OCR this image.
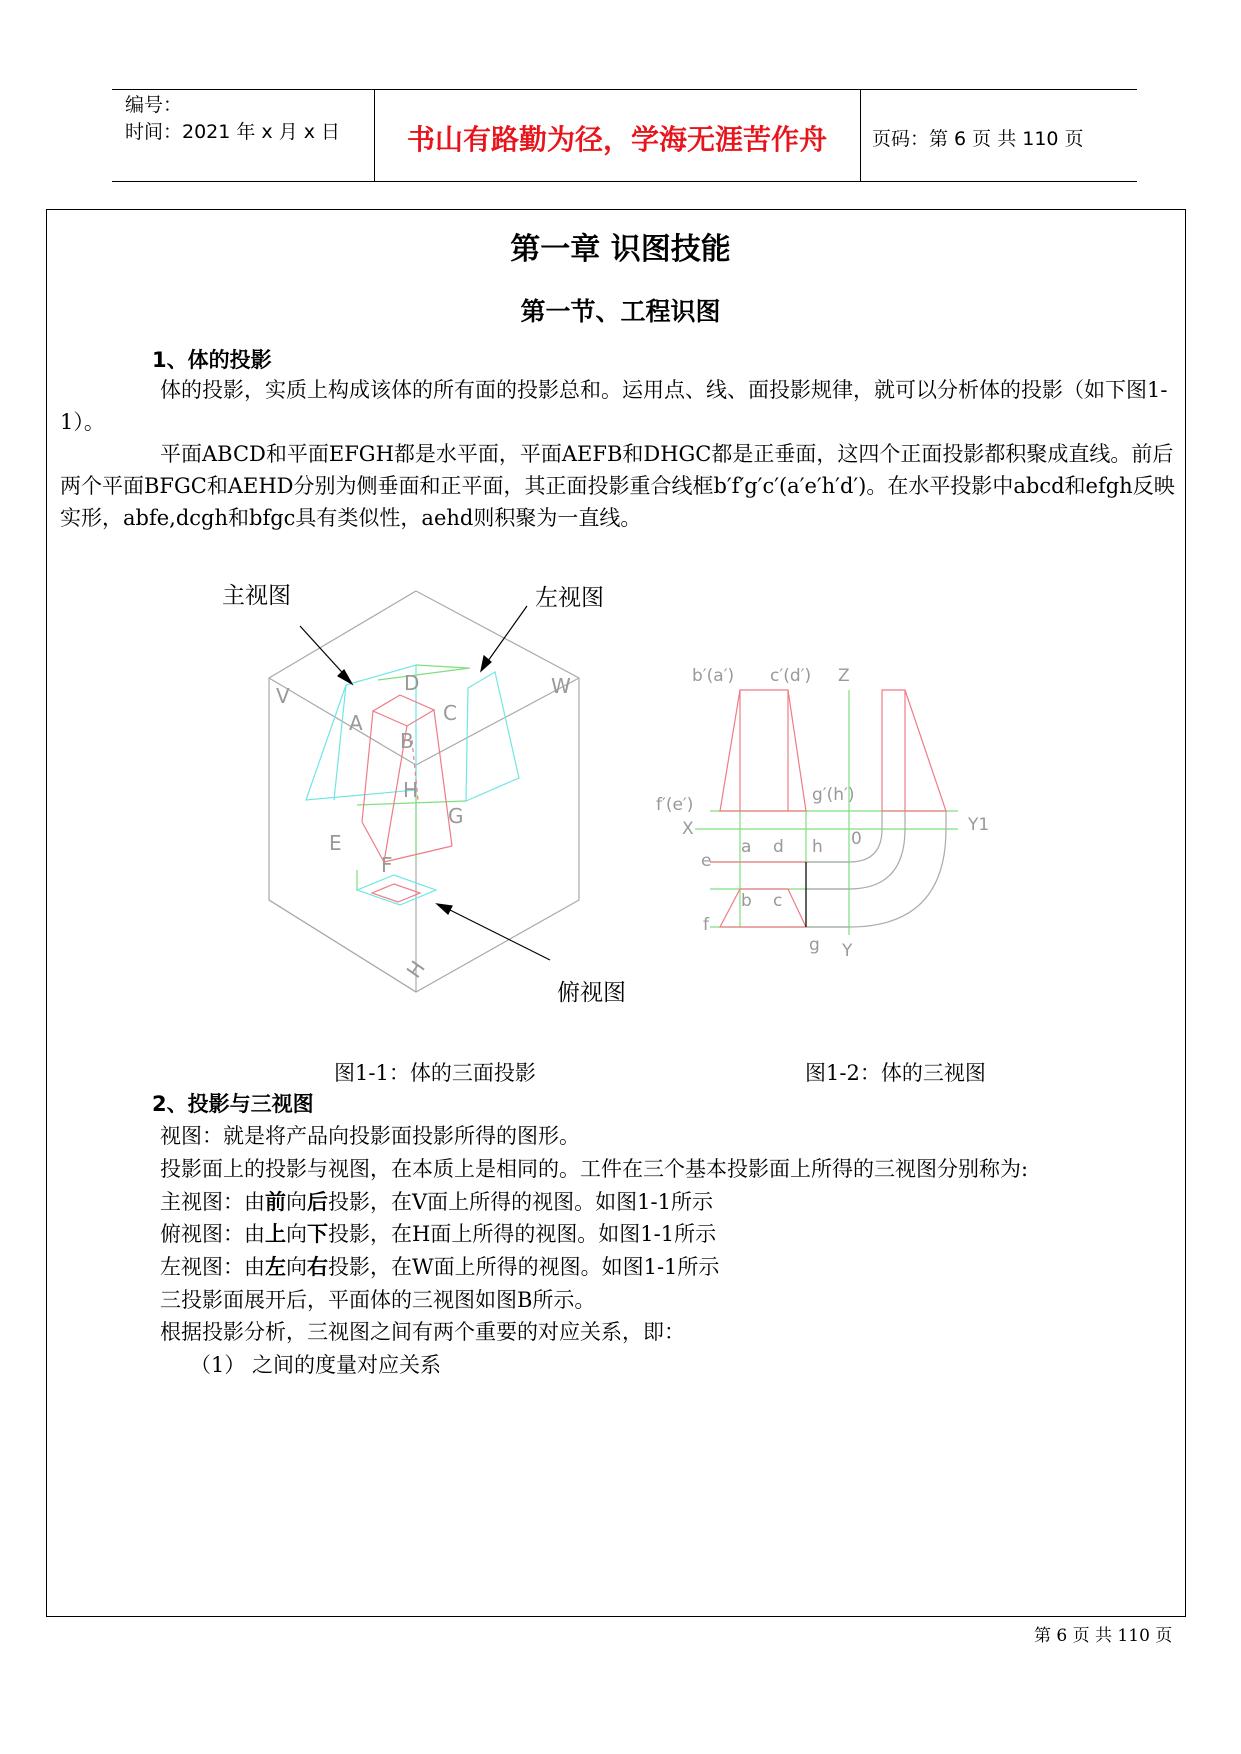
编号：
时间：2021 年 x 月 x 日	书山有路勤为径，学海无涯苦作舟	页码：第 6 页 共 110 页
第一章 识图技能
第一节、工程识图
1、体的投影
体的投影，实质上构成该体的所有面的投影总和。运用点、线、面投影规律，就可以分析体的投影（如下图1-1）。
平面ABCD和平面EFGH都是水平面，平面AEFB和DHGC都是正垂面，这四个正面投影都积聚成直线。前后两个平面BFGC和AEHD分别为侧垂面和正平面，其正面投影重合线框b′f′g′c′(a′e′h′d′)。在水平投影中abcd和efgh反映实形，abfe,dcgh和bfgc具有类似性，aehd则积聚为一直线。
V	W
H
A
B
C
D
E
F
G
H
主视图	左视图
俯视图
b′(a′) c′(d′) Z
f′(e′)	g′(h′)
X	Y1
0
e
a d h
b c
f
g Y
图1-1：体的三面投影	图1-2：体的三视图
2、投影与三视图
视图：就是将产品向投影面投影所得的图形。
投影面上的投影与视图，在本质上是相同的。工件在三个基本投影面上所得的三视图分别称为:
主视图：由前向后投影，在V面上所得的视图。如图1-1所示
俯视图：由上向下投影，在H面上所得的视图。如图1-1所示
左视图：由左向右投影，在W面上所得的视图。如图1-1所示
三投影面展开后，平面体的三视图如图B所示。
根据投影分析，三视图之间有两个重要的对应关系，即：
（1） 之间的度量对应关系
第 6 页 共 110 页
